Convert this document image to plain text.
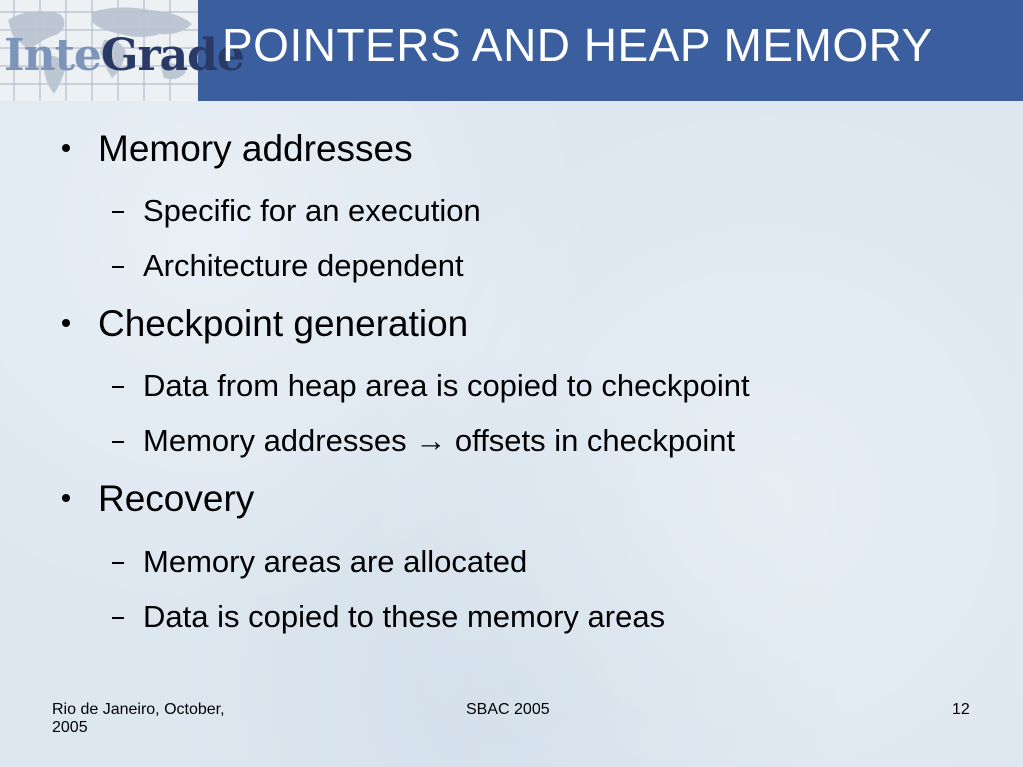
InteGrade
POINTERS AND HEAP MEMORY
Memory addresses
Specific for an execution
Architecture dependent
Checkpoint generation
Data from heap area is copied to checkpoint
Memory addresses → offsets in checkpoint
Recovery
Memory areas are allocated
Data is copied to these memory areas
Rio de Janeiro, October,
2005
SBAC 2005	12
